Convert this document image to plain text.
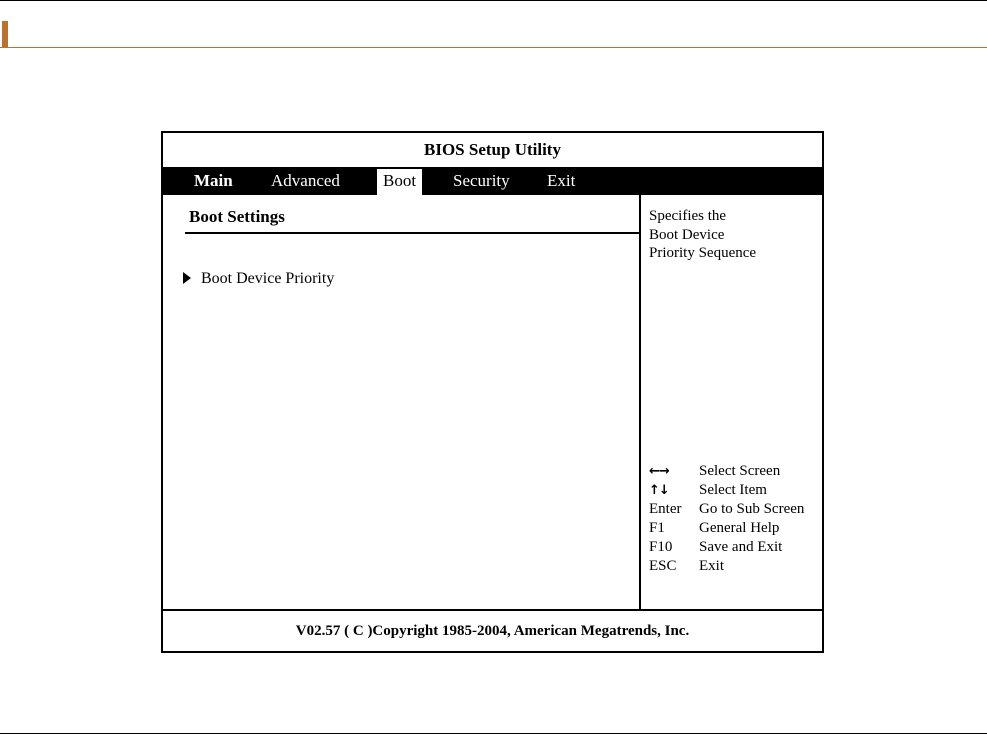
BIOS Setup Utility
Main Advanced	Boot	Security Exit
Boot Settings
Boot Device Priority
Specifies the
Boot Device
Priority Sequence
←→	Select Screen
↑↓	Select Item
Enter	Go to Sub Screen
F1	General Help
F10	Save and Exit
ESC	Exit
V02.57 ( C )Copyright 1985-2004, American Megatrends, Inc.
